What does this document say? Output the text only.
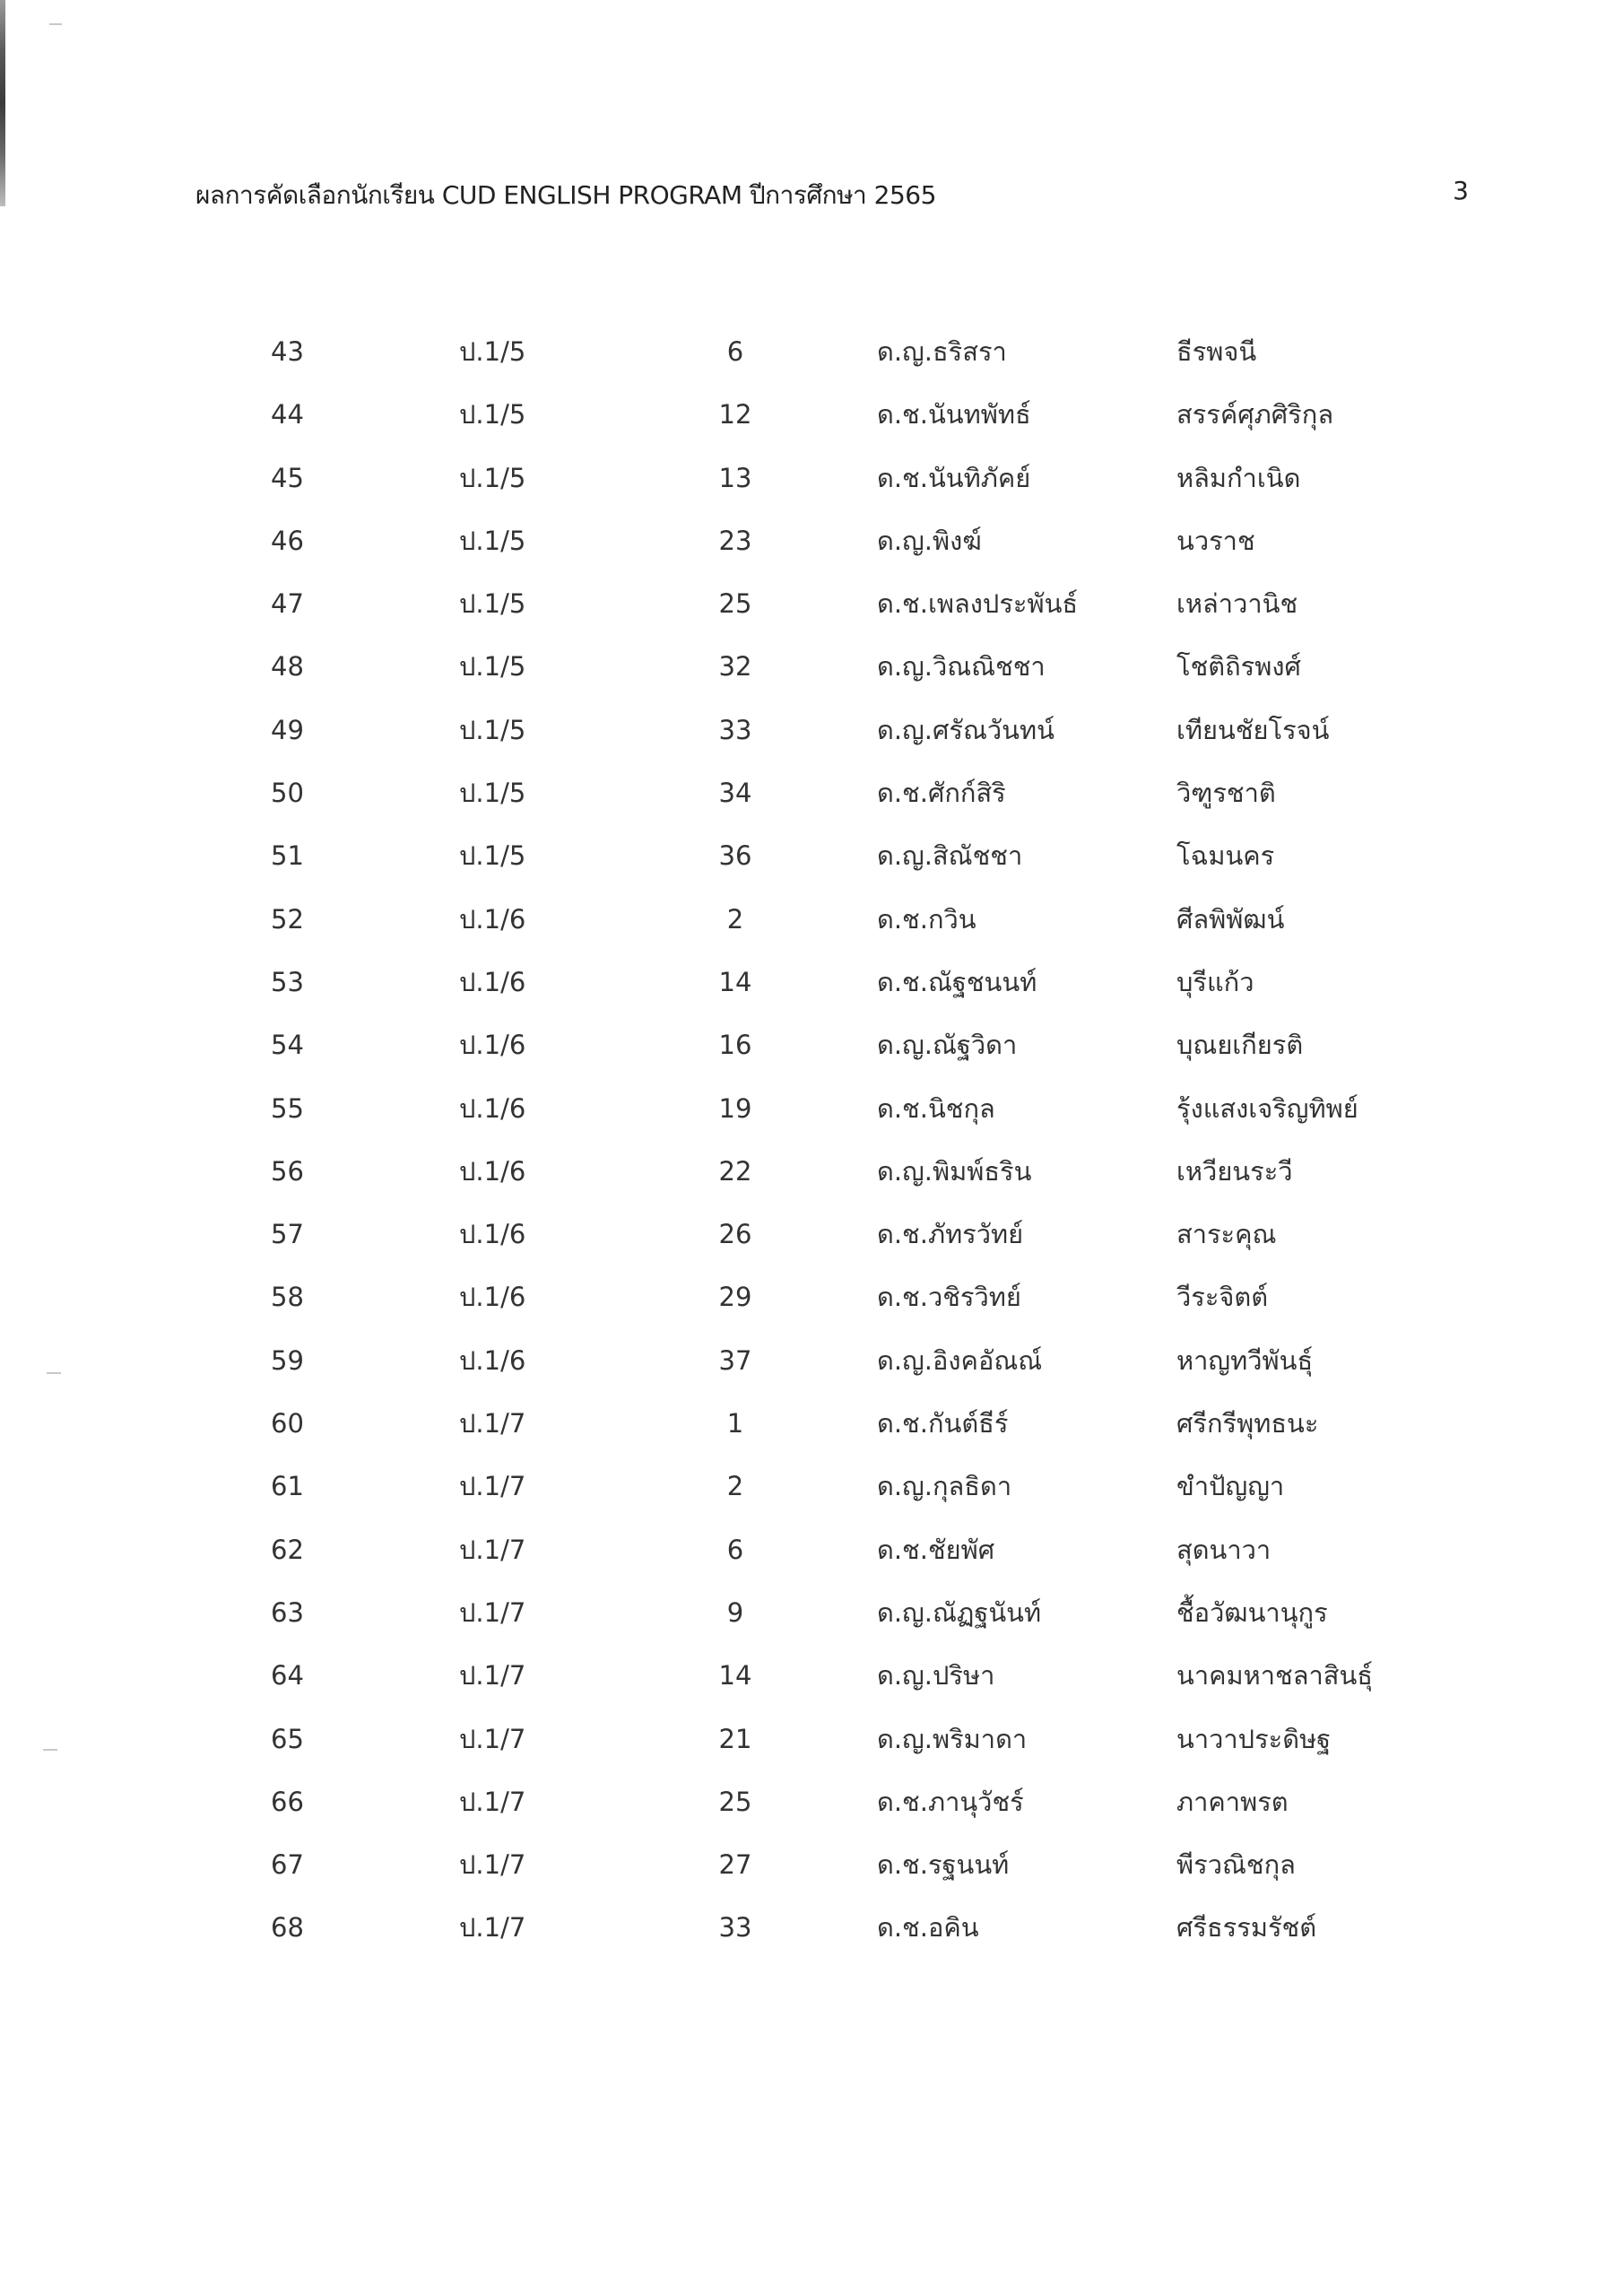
ผลการคัดเลือกนักเรียน CUD ENGLISH PROGRAM ปีการศึกษา 2565	3
43	ป.1/5	6	ด.ญ.ธริสรา	ธีรพจนี
44	ป.1/5	12	ด.ช.นันทพัทธ์	สรรค์ศุภศิริกุล
45	ป.1/5	13	ด.ช.นันทิภัคย์	หลิมกำเนิด
46	ป.1/5	23	ด.ญ.พิงฆ์	นวราช
47	ป.1/5	25	ด.ช.เพลงประพันธ์	เหล่าวานิช
48	ป.1/5	32	ด.ญ.วิณณิชชา	โชติถิรพงศ์
49	ป.1/5	33	ด.ญ.ศรัณวันทน์	เทียนชัยโรจน์
50	ป.1/5	34	ด.ช.ศักก์สิริ	วิฑูรชาติ
51	ป.1/5	36	ด.ญ.สิณัชชา	โฉมนคร
52	ป.1/6	2	ด.ช.กวิน	ศีลพิพัฒน์
53	ป.1/6	14	ด.ช.ณัฐชนนท์	บุรีแก้ว
54	ป.1/6	16	ด.ญ.ณัฐวิดา	บุณยเกียรติ
55	ป.1/6	19	ด.ช.นิชกุล	รุ้งแสงเจริญทิพย์
56	ป.1/6	22	ด.ญ.พิมพ์ธริน	เหวียนระวี
57	ป.1/6	26	ด.ช.ภัทรวัทย์	สาระคุณ
58	ป.1/6	29	ด.ช.วชิรวิทย์	วีระจิตต์
59	ป.1/6	37	ด.ญ.อิงคอัณณ์	หาญทวีพันธุ์
60	ป.1/7	1	ด.ช.กันต์ธีร์	ศรีกรีพุทธนะ
61	ป.1/7	2	ด.ญ.กุลธิดา	ขำปัญญา
62	ป.1/7	6	ด.ช.ชัยพัศ	สุดนาวา
63	ป.1/7	9	ด.ญ.ณัฏฐนันท์	ชื้อวัฒนานุกูร
64	ป.1/7	14	ด.ญ.ปริษา	นาคมหาชลาสินธุ์
65	ป.1/7	21	ด.ญ.พริมาดา	นาวาประดิษฐ
66	ป.1/7	25	ด.ช.ภานุวัชร์	ภาคาพรต
67	ป.1/7	27	ด.ช.รฐนนท์	พีรวณิชกุล
68	ป.1/7	33	ด.ช.อคิน	ศรีธรรมรัชต์
